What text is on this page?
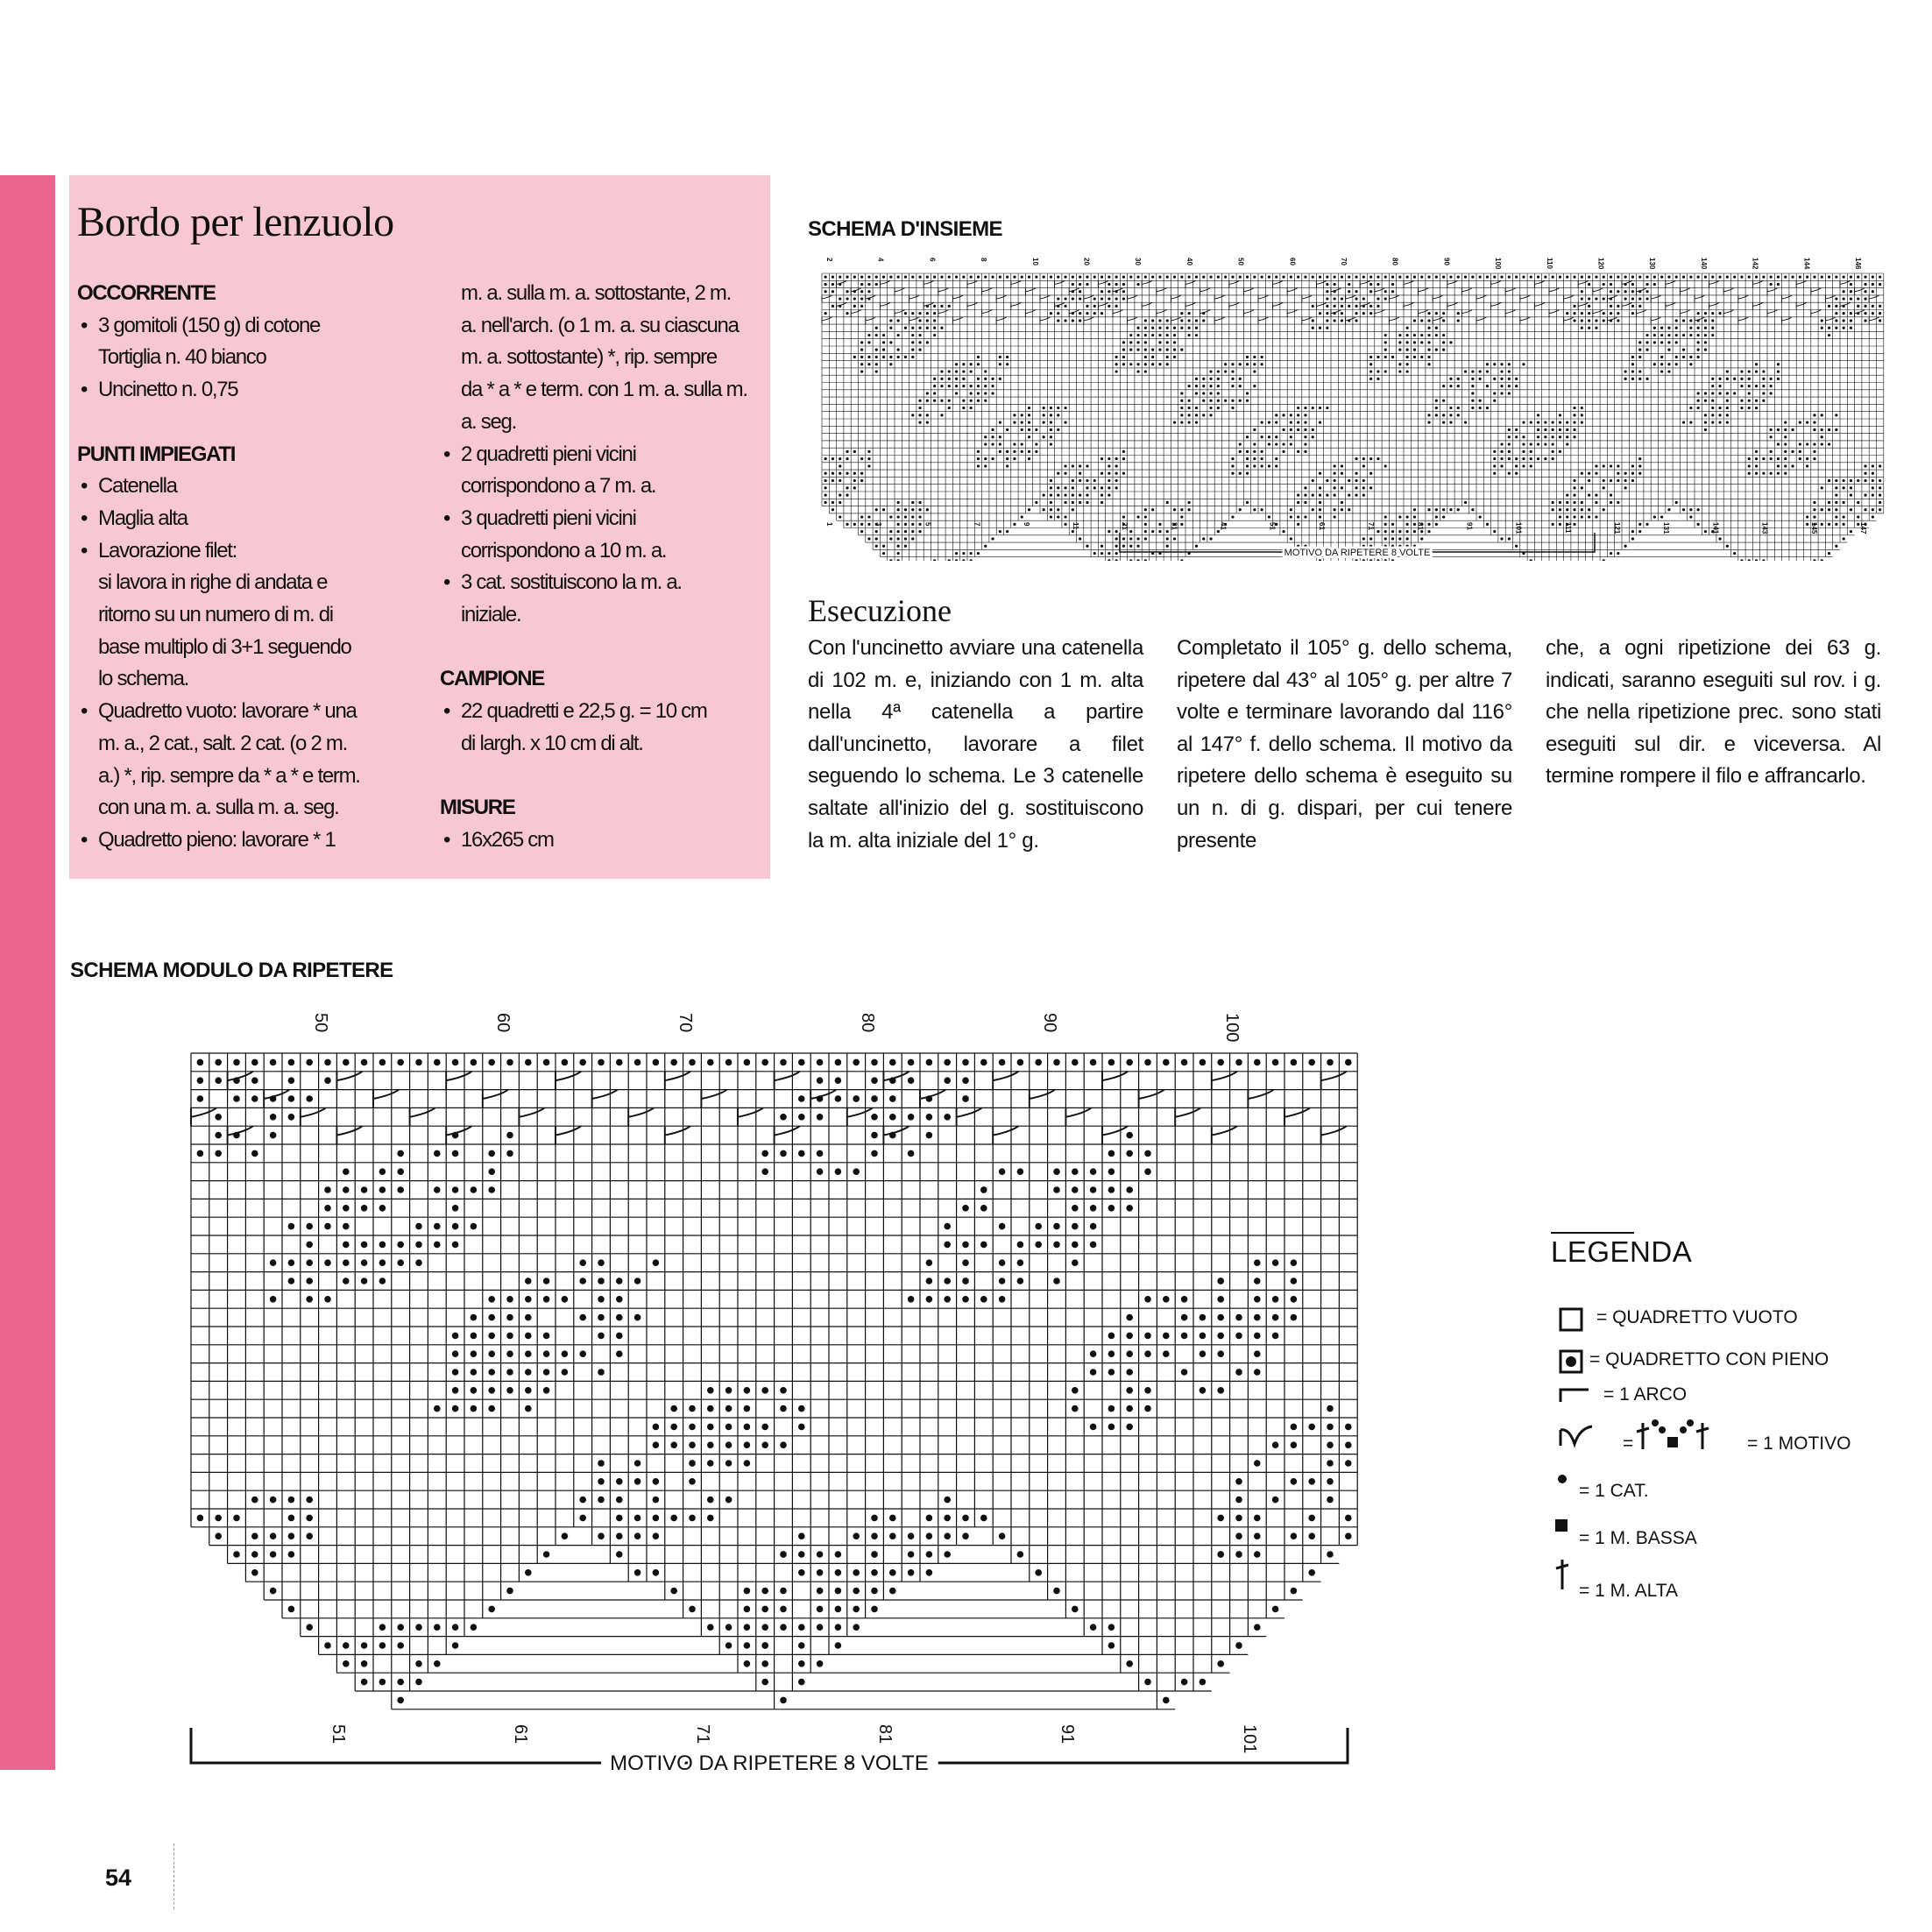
Bordo per lenzuolo
OCCORRENTE
• 3 gomitoli (150 g) di cotone
Tortiglia n. 40 bianco
• Uncinetto n. 0,75
PUNTI IMPIEGATI
• Catenella
• Maglia alta
• Lavorazione filet:
si lavora in righe di andata e
ritorno su un numero di m. di
base multiplo di 3+1 seguendo
lo schema.
• Quadretto vuoto: lavorare * una
m. a., 2 cat., salt. 2 cat. (o 2 m.
a.) *, rip. sempre da * a * e term.
con una m. a. sulla m. a. seg.
• Quadretto pieno: lavorare * 1
m. a. sulla m. a. sottostante, 2 m.
a. nell'arch. (o 1 m. a. su ciascuna
m. a. sottostante) *, rip. sempre
da * a * e term. con 1 m. a. sulla m.
a. seg.
• 2 quadretti pieni vicini
corrispondono a 7 m. a.
• 3 quadretti pieni vicini
corrispondono a 10 m. a.
• 3 cat. sostituiscono la m. a.
iniziale.
CAMPIONE
• 22 quadretti e 22,5 g. = 10 cm
di largh. x 10 cm di alt.
MISURE
• 16x265 cm
SCHEMA D'INSIEME
2	4	6	8	10	20	30	40	50	60	70	80	90	100	110	120	130	140	142	144	146
1	3	5	7	9	11	21	31	41	51	61	71	81	91	101	111	121	131	141	143	145	147
MOTIVO DA RIPETERE 8 VOLTE
Esecuzione
Con l'uncinetto avviare una catenella di 102 m. e, iniziando con 1 m. alta nella 4ª catenella a partire dall'uncinetto, lavorare a filet seguendo lo schema. Le 3 catenelle saltate all'inizio del g. sostituiscono la m. alta iniziale del 1° g.
Completato il 105° g. dello schema, ripetere dal 43° al 105° g. per altre 7 volte e terminare lavorando dal 116° al 147° f. dello schema. Il motivo da ripetere dello schema è eseguito su un n. di g. dispari, per cui tenere presente
che, a ogni ripetizione dei 63 g. indicati, saranno eseguiti sul rov. i g. che nella ripetizione prec. sono stati eseguiti sul dir. e viceversa. Al termine rompere il filo e affrancarlo.
SCHEMA MODULO DA RIPETERE
50	60	70	80	90	100
51	61	71	81	91	101
MOTIVO DA RIPETERE 8 VOLTE
LEGENDA
= QUADRETTO VUOTO
= QUADRETTO CON PIENO
= 1 ARCO
=	= 1 MOTIVO
= 1 CAT.
= 1 M. BASSA
= 1 M. ALTA
54
